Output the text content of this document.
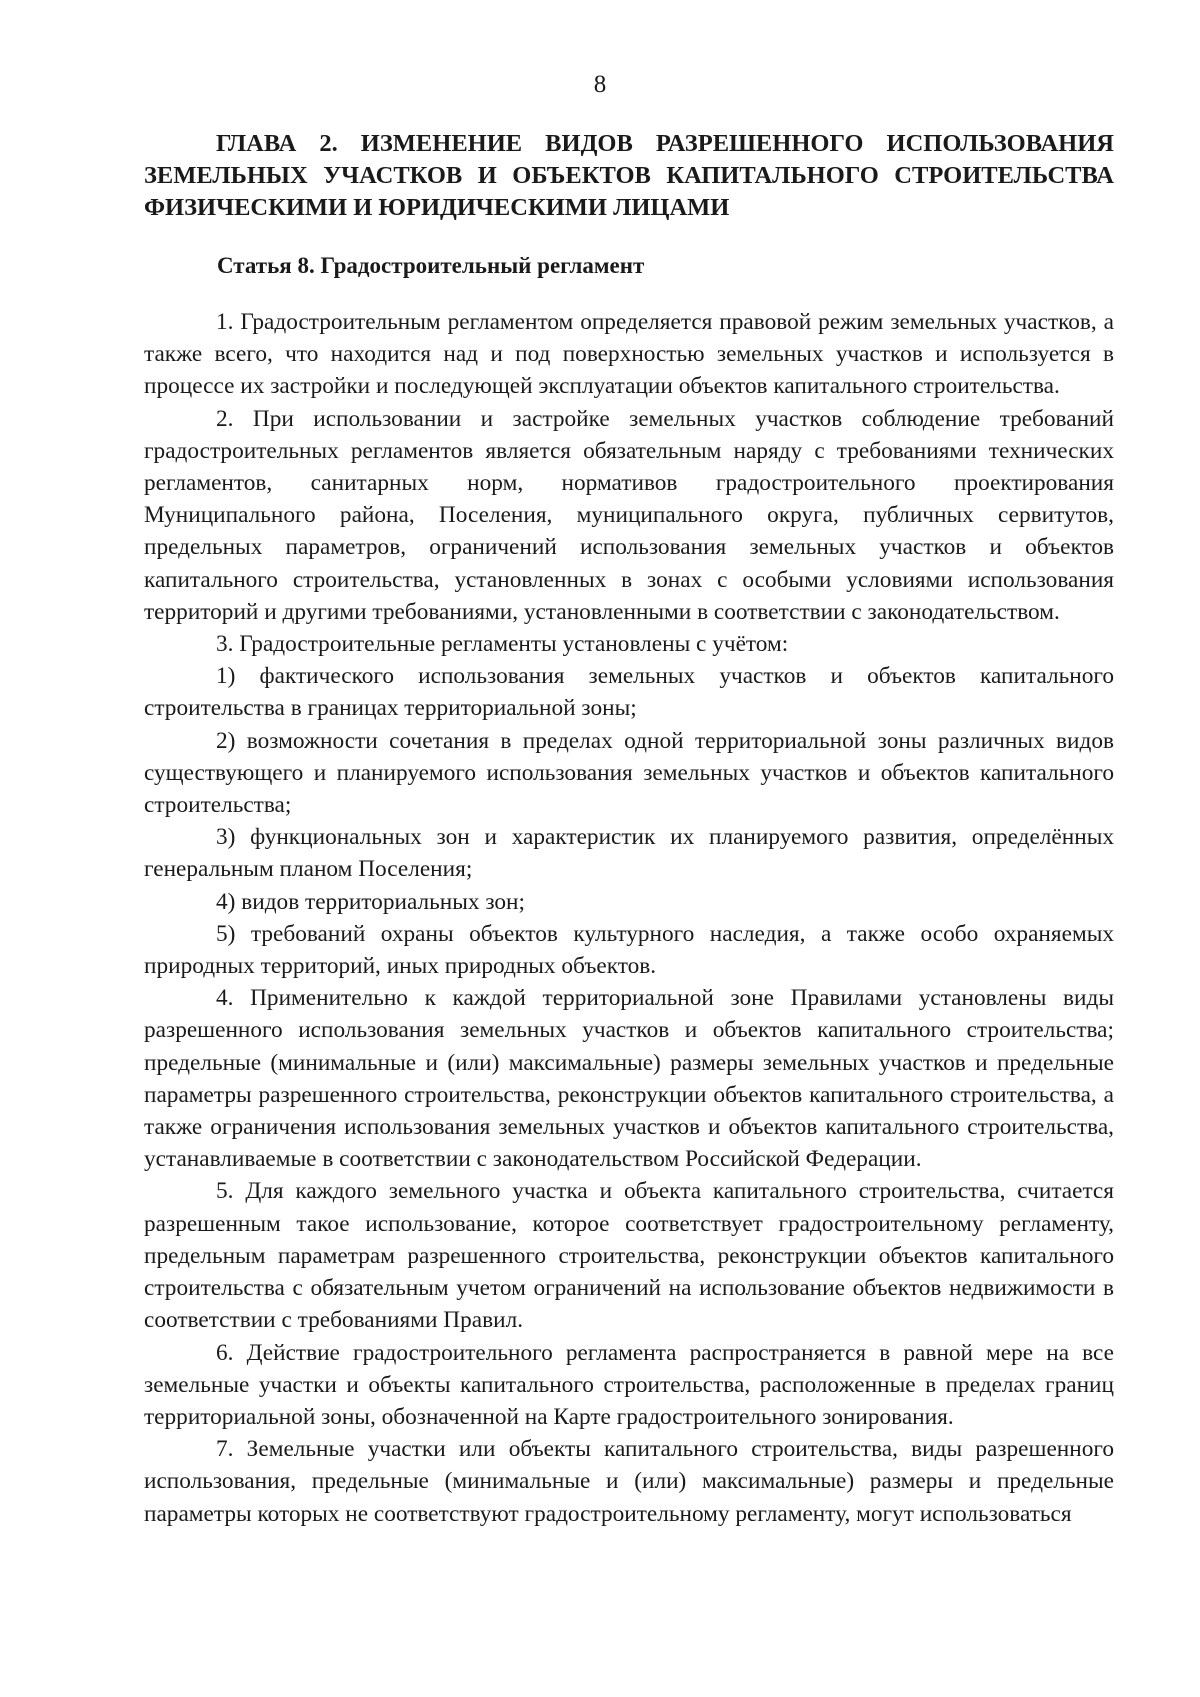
8
ГЛАВА 2. ИЗМЕНЕНИЕ ВИДОВ РАЗРЕШЕННОГО ИСПОЛЬЗОВАНИЯ ЗЕМЕЛЬНЫХ УЧАСТКОВ И ОБЪЕКТОВ КАПИТАЛЬНОГО СТРОИТЕЛЬСТВА ФИЗИЧЕСКИМИ И ЮРИДИЧЕСКИМИ ЛИЦАМИ
Статья 8. Градостроительный регламент

1. Градостроительным регламентом определяется правовой режим земельных участков, а также всего, что находится над и под поверхностью земельных участков и используется в процессе их застройки и последующей эксплуатации объектов капитального строительства.

2. При использовании и застройке земельных участков соблюдение требований градостроительных регламентов является обязательным наряду с требованиями технических регламентов, санитарных норм, нормативов градостроительного проектирования Муниципального района, Поселения, муниципального округа, публичных сервитутов, предельных параметров, ограничений использования земельных участков и объектов капитального строительства, установленных в зонах с особыми условиями использования территорий и другими требованиями, установленными в соответствии с законодательством.

3. Градостроительные регламенты установлены с учётом:

1) фактического использования земельных участков и объектов капитального строительства в границах территориальной зоны;

2) возможности сочетания в пределах одной территориальной зоны различных видов существующего и планируемого использования земельных участков и объектов капитального строительства;

3) функциональных зон и характеристик их планируемого развития, определённых генеральным планом Поселения;

4) видов территориальных зон;

5) требований охраны объектов культурного наследия, а также особо охраняемых природных территорий, иных природных объектов.

4. Применительно к каждой территориальной зоне Правилами установлены виды разрешенного использования земельных участков и объектов капитального строительства; предельные (минимальные и (или) максимальные) размеры земельных участков и предельные параметры разрешенного строительства, реконструкции объектов капитального строительства, а также ограничения использования земельных участков и объектов капитального строительства, устанавливаемые в соответствии с законодательством Российской Федерации.

5. Для каждого земельного участка и объекта капитального строительства, считается разрешенным такое использование, которое соответствует градостроительному регламенту, предельным параметрам разрешенного строительства, реконструкции объектов капитального строительства с обязательным учетом ограничений на использование объектов недвижимости в соответствии с требованиями Правил.

6. Действие градостроительного регламента распространяется в равной мере на все земельные участки и объекты капитального строительства, расположенные в пределах границ территориальной зоны, обозначенной на Карте градостроительного зонирования.

7. Земельные участки или объекты капитального строительства, виды разрешенного использования, предельные (минимальные и (или) максимальные) размеры и предельные параметры которых не соответствуют градостроительному регламенту, могут использоваться
